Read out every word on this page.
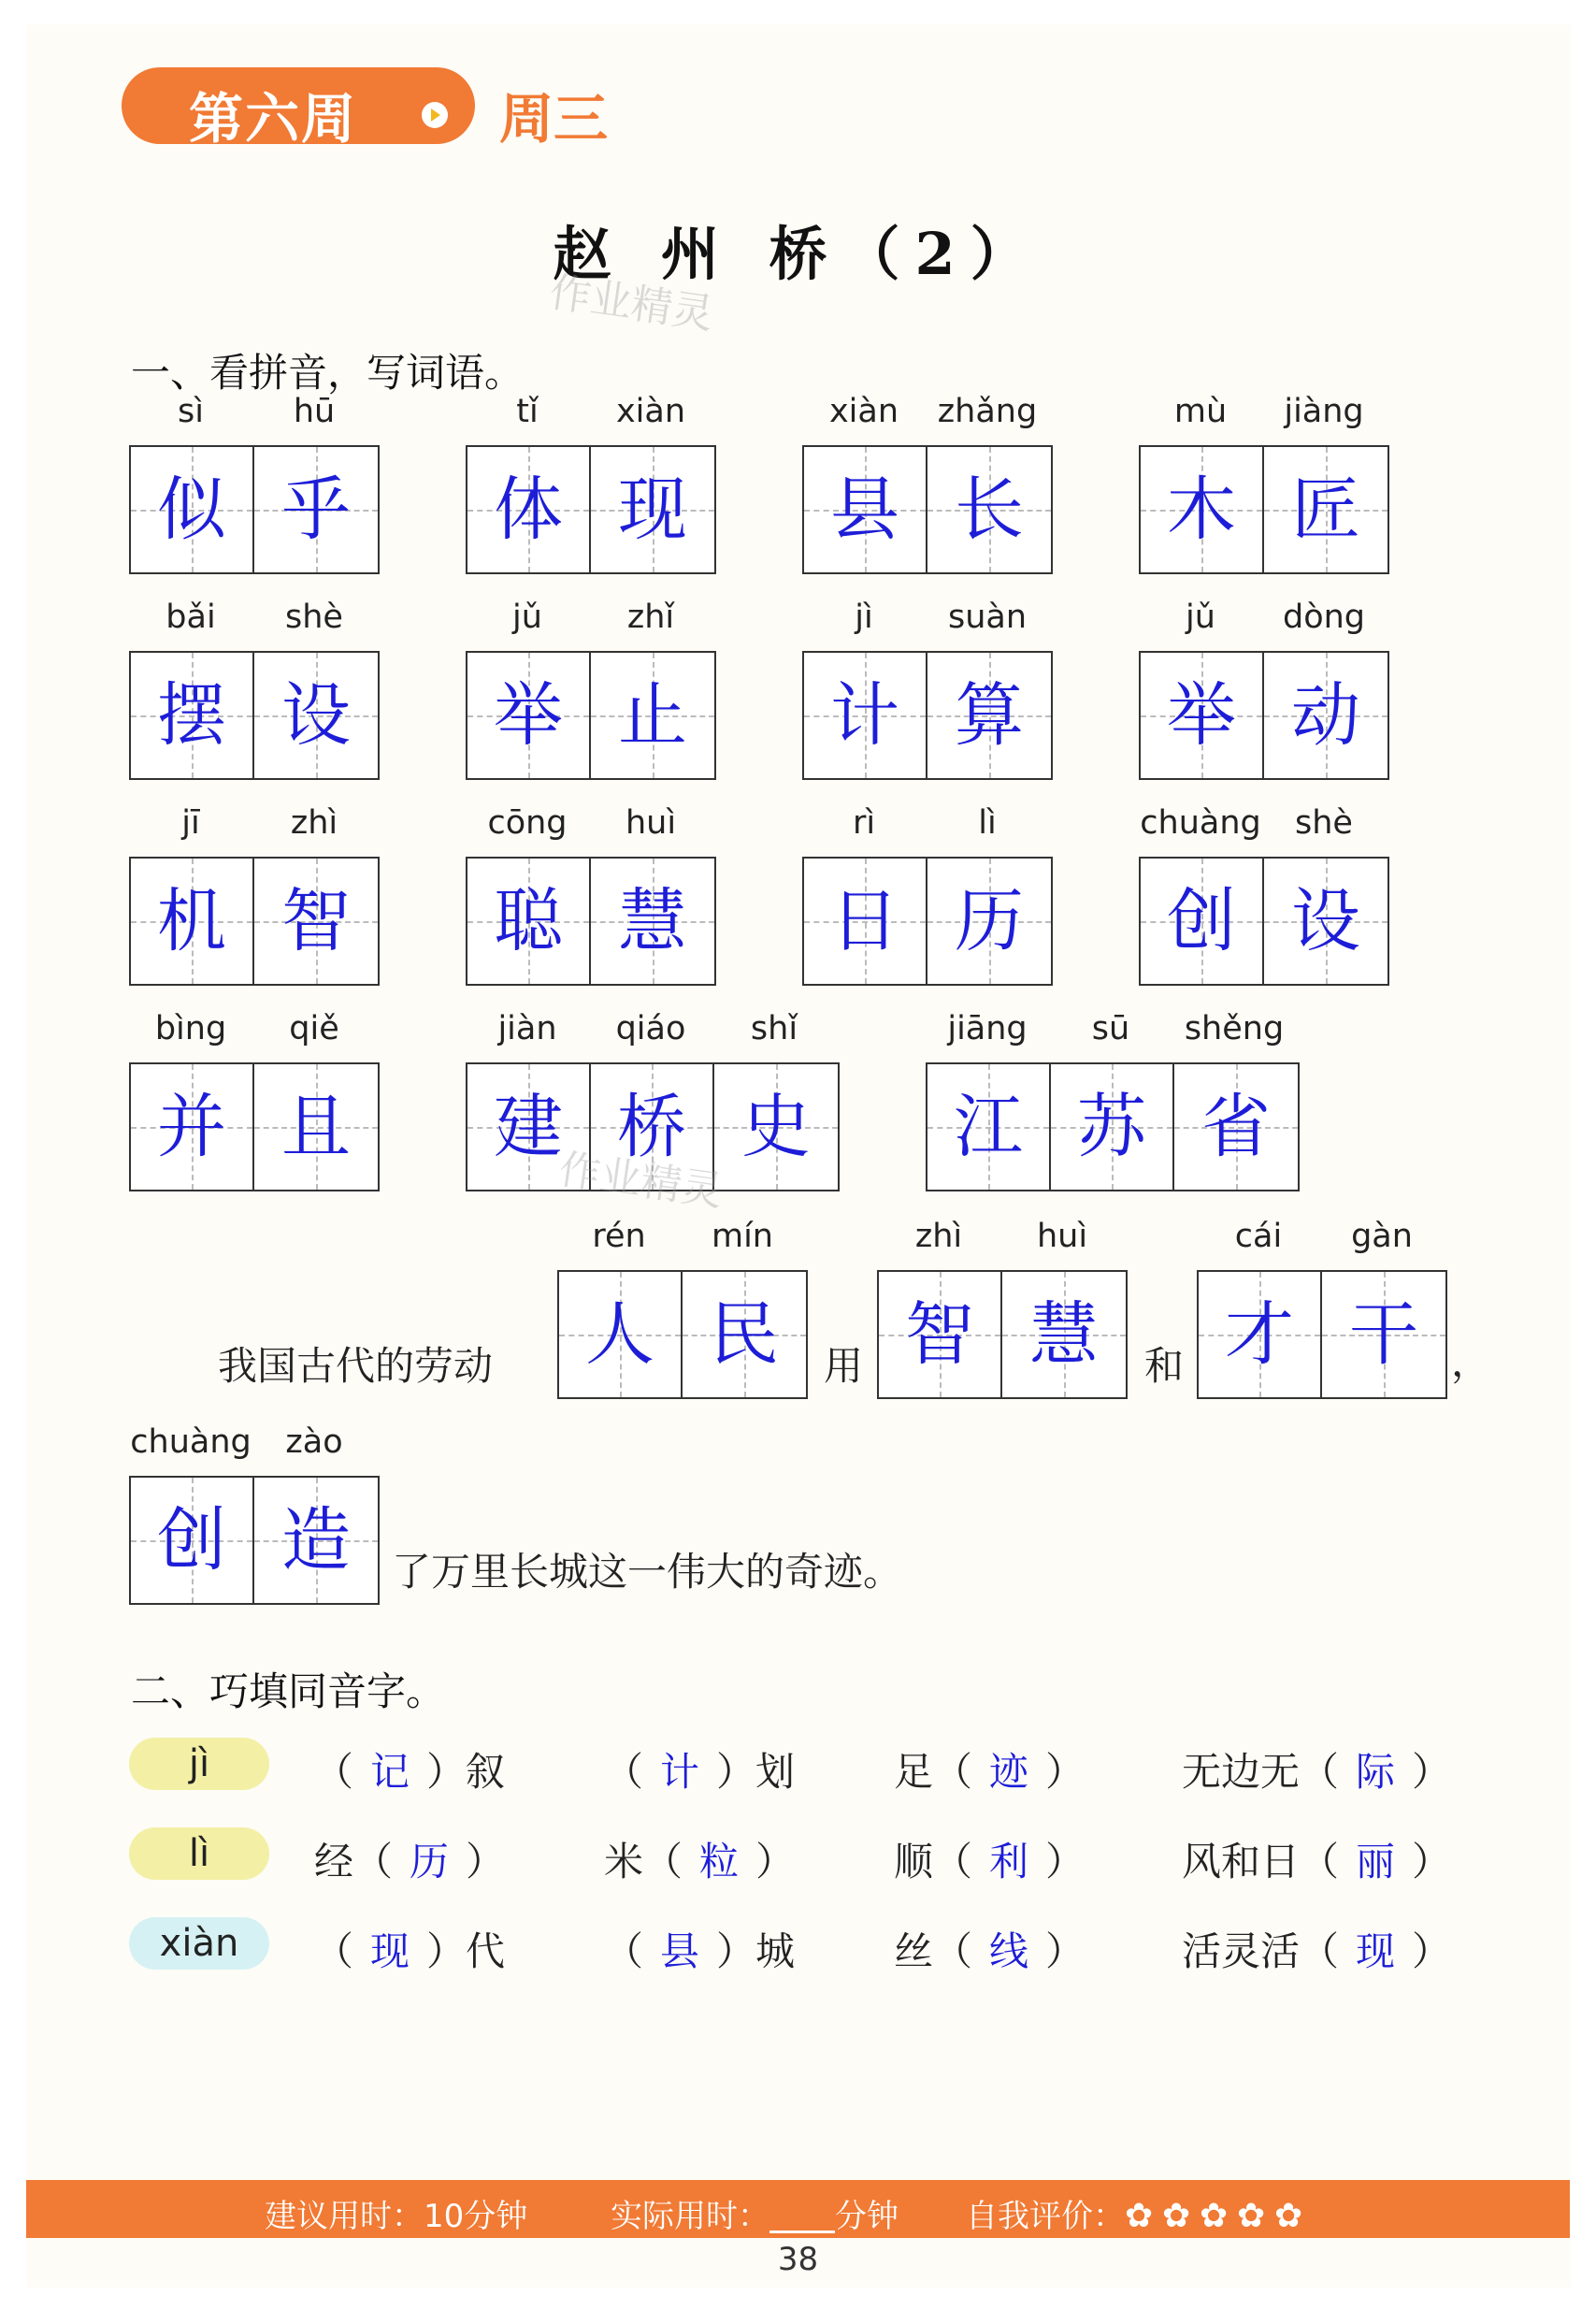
第六周	周三
赵 州 桥（2）
作业精灵
一、看拼音，写词语。
sì	hū
似 乎
tǐ	xiàn
体 现
xiàn	zhǎng
县 长
mù	jiàng
木 匠
bǎi	shè
摆 设
jǔ	zhǐ
举 止
jì	suàn
计 算
jǔ	dòng
举 动
jī	zhì
机 智
cōng	huì
聪 慧
rì	lì
日 历
chuàng	shè
创 设
bìng	qiě
并 且
jiàn	qiáo	shǐ
建 桥 史
jiāng	sū	shěng
江 苏 省
rén	mín
人 民
zhì	huì
智 慧
cái	gàn
才 干
chuàng	zào
创 造
作业精灵
我国古代的劳动	用	和	，
了万里长城这一伟大的奇迹。
二、巧填同音字。
jì	（ 记 ）叙	（ 计 ）划	足（ 迹 ） 无边无（ 际 ）
lì	经（ 历 ）	米（ 粒 ）	顺（ 利 ） 风和日（ 丽 ）
xiàn	（ 现 ）代	（ 县 ）城	丝（ 线 ） 活灵活（ 现 ）
建议用时：10分钟	实际用时： 分钟 自我评价：✿ ✿ ✿ ✿ ✿
38
